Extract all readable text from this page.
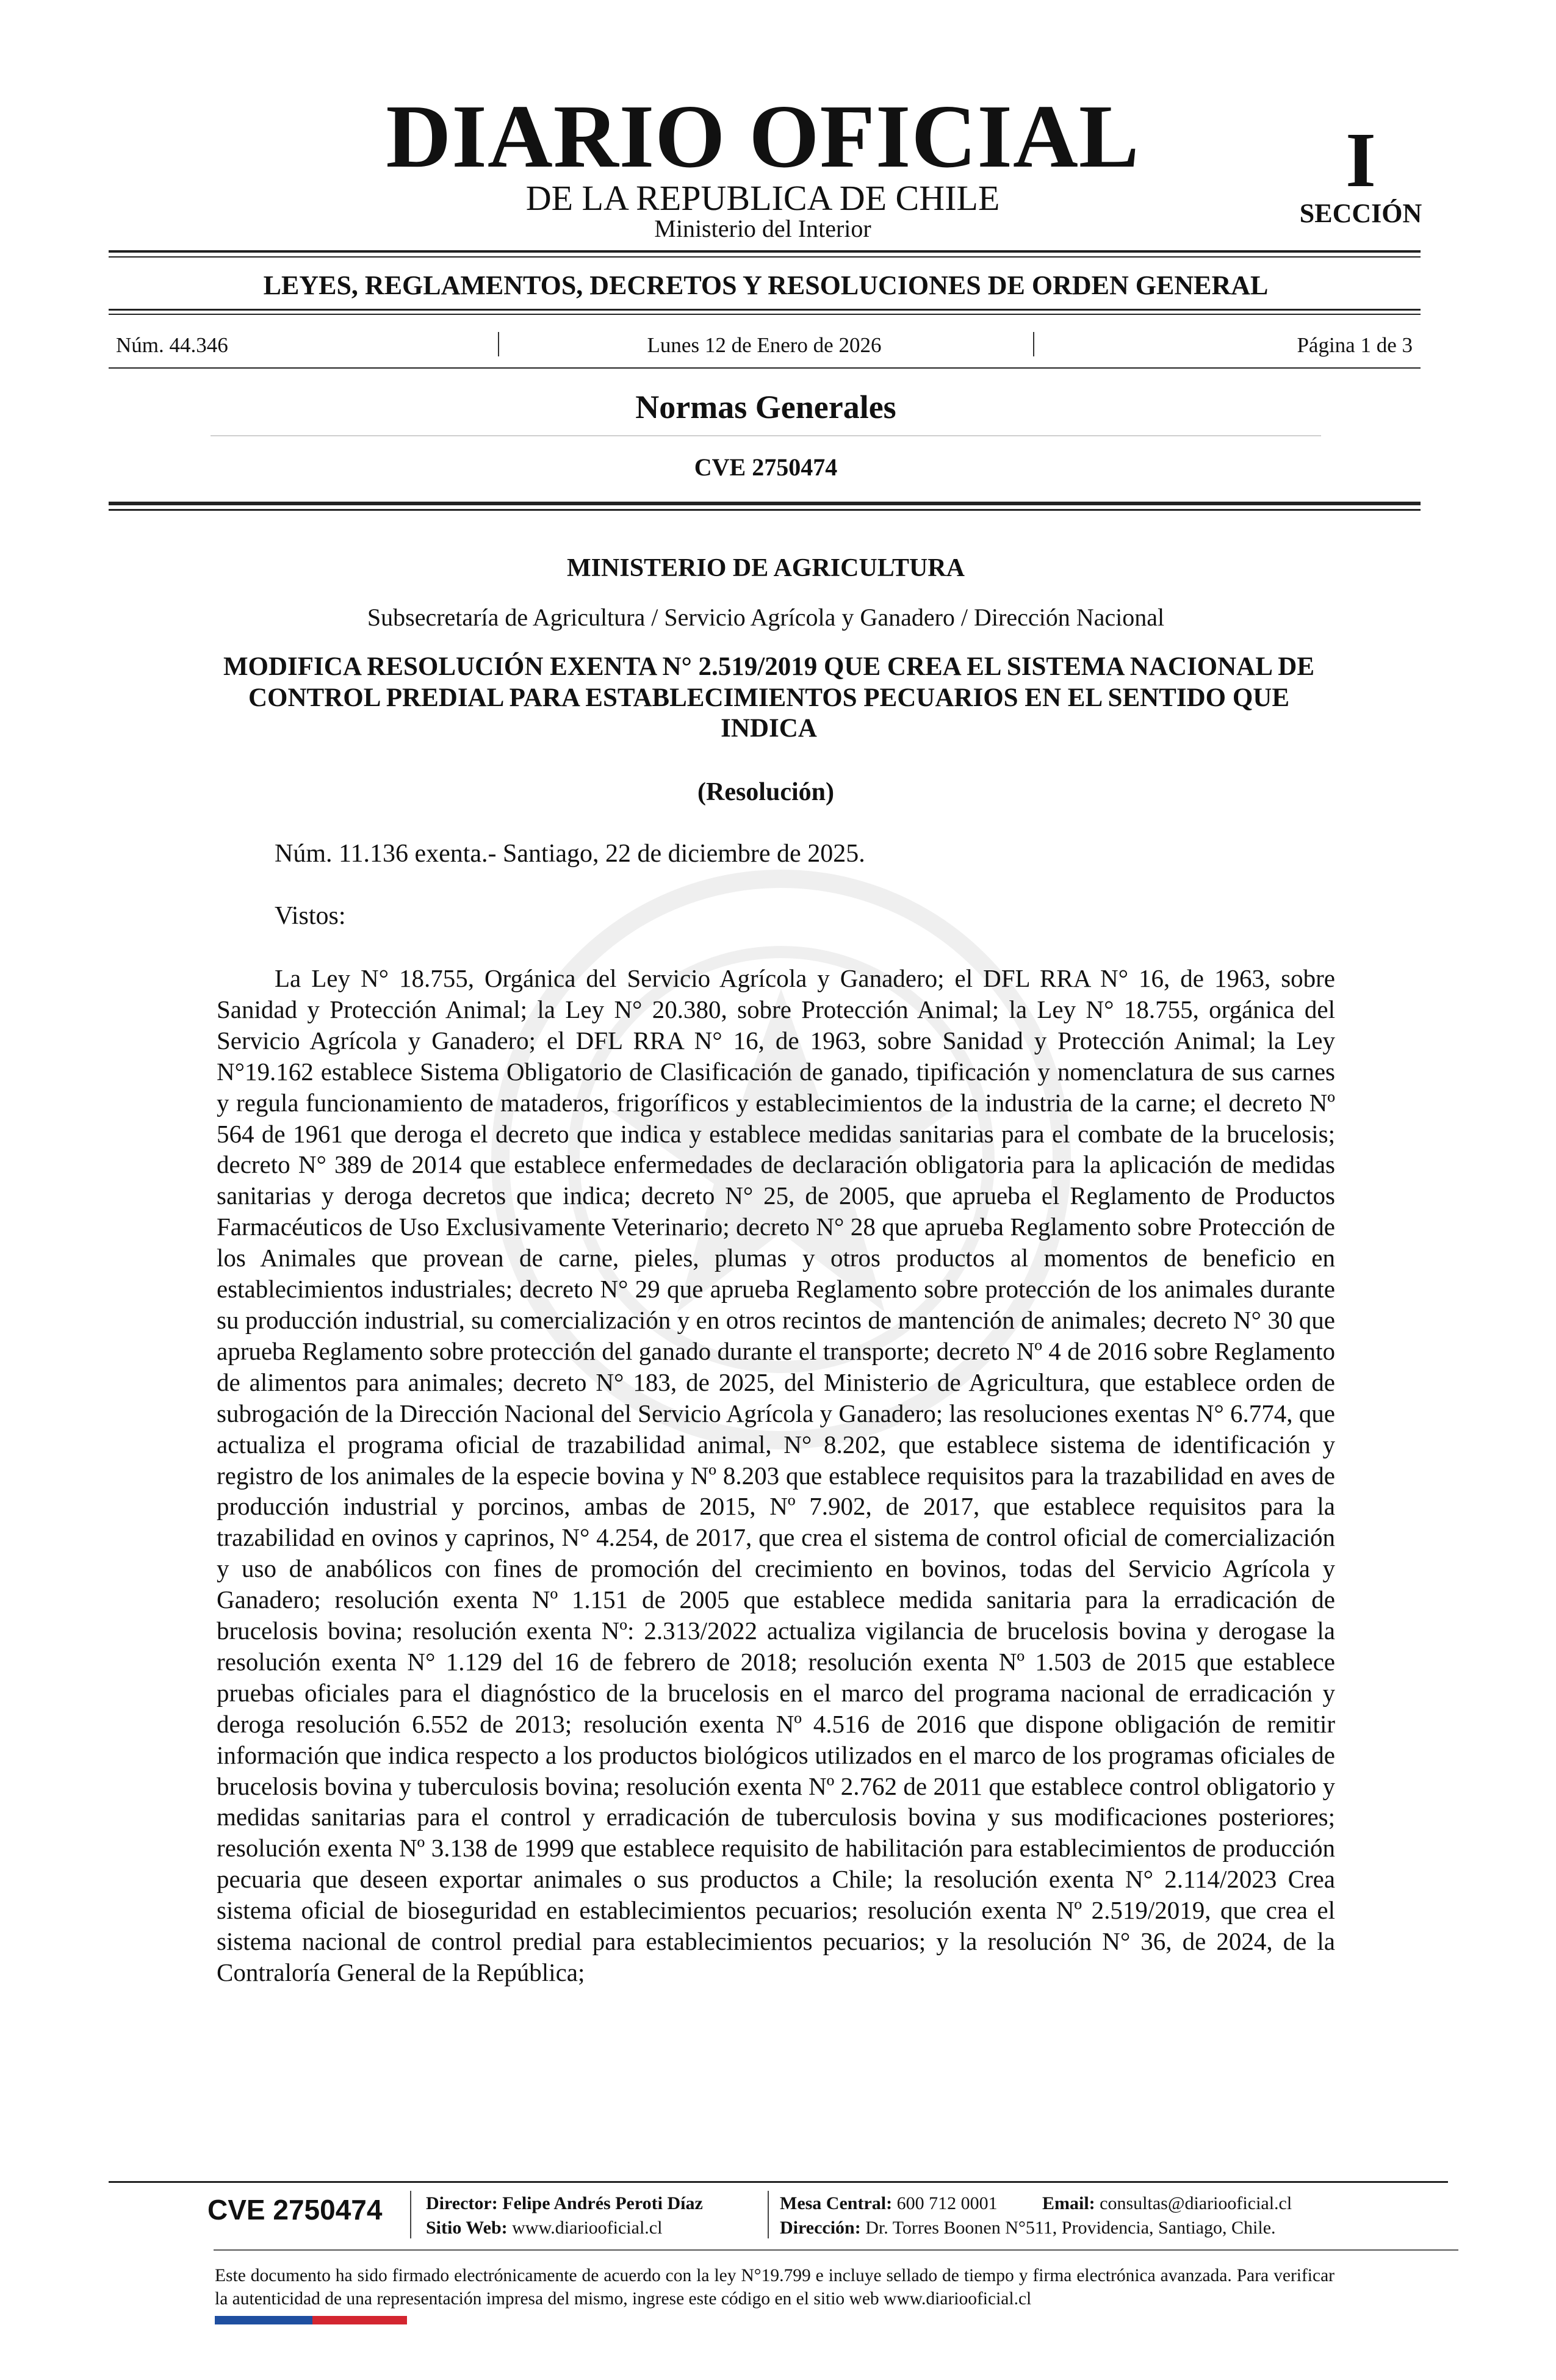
DIARIO OFICIAL
DE LA REPUBLICA DE CHILE
Ministerio del Interior
I
SECCIÓN
LEYES, REGLAMENTOS, DECRETOS Y RESOLUCIONES DE ORDEN GENERAL
Núm. 44.346	Lunes 12 de Enero de 2026	Página 1 de 3
Normas Generales
CVE 2750474
MINISTERIO DE AGRICULTURA
Subsecretaría de Agricultura / Servicio Agrícola y Ganadero / Dirección Nacional
MODIFICA RESOLUCIÓN EXENTA N° 2.519/2019 QUE CREA EL SISTEMA NACIONAL DE CONTROL PREDIAL PARA ESTABLECIMIENTOS PECUARIOS EN EL SENTIDO QUE INDICA
(Resolución)
Núm. 11.136 exenta.- Santiago, 22 de diciembre de 2025.
Vistos:
La Ley N° 18.755, Orgánica del Servicio Agrícola y Ganadero; el DFL RRA N° 16, de 1963, sobre Sanidad y Protección Animal; la Ley N° 20.380, sobre Protección Animal; la Ley N° 18.755, orgánica del Servicio Agrícola y Ganadero; el DFL RRA N° 16, de 1963, sobre Sanidad y Protección Animal; la Ley N°19.162 establece Sistema Obligatorio de Clasificación de ganado, tipificación y nomenclatura de sus carnes y regula funcionamiento de mataderos, frigoríficos y establecimientos de la industria de la carne; el decreto Nº 564 de 1961 que deroga el decreto que indica y establece medidas sanitarias para el combate de la brucelosis; decreto N° 389 de 2014 que establece enfermedades de declaración obligatoria para la aplicación de medidas sanitarias y deroga decretos que indica; decreto N° 25, de 2005, que aprueba el Reglamento de Productos Farmacéuticos de Uso Exclusivamente Veterinario; decreto N° 28 que aprueba Reglamento sobre Protección de los Animales que provean de carne, pieles, plumas y otros productos al momentos de beneficio en establecimientos industriales; decreto N° 29 que aprueba Reglamento sobre protección de los animales durante su producción industrial, su comercialización y en otros recintos de mantención de animales; decreto N° 30 que aprueba Reglamento sobre protección del ganado durante el transporte; decreto Nº 4 de 2016 sobre Reglamento de alimentos para animales; decreto N° 183, de 2025, del Ministerio de Agricultura, que establece orden de subrogación de la Dirección Nacional del Servicio Agrícola y Ganadero; las resoluciones exentas N° 6.774, que actualiza el programa oficial de trazabilidad animal, N° 8.202, que establece sistema de identificación y registro de los animales de la especie bovina y Nº 8.203 que establece requisitos para la trazabilidad en aves de producción industrial y porcinos, ambas de 2015, Nº 7.902, de 2017, que establece requisitos para la trazabilidad en ovinos y caprinos, N° 4.254, de 2017, que crea el sistema de control oficial de comercialización y uso de anabólicos con fines de promoción del crecimiento en bovinos, todas del Servicio Agrícola y Ganadero; resolución exenta Nº 1.151 de 2005 que establece medida sanitaria para la erradicación de brucelosis bovina; resolución exenta Nº: 2.313/2022 actualiza vigilancia de brucelosis bovina y derogase la resolución exenta N° 1.129 del 16 de febrero de 2018; resolución exenta Nº 1.503 de 2015 que establece pruebas oficiales para el diagnóstico de la brucelosis en el marco del programa nacional de erradicación y deroga resolución 6.552 de 2013; resolución exenta Nº 4.516 de 2016 que dispone obligación de remitir información que indica respecto a los productos biológicos utilizados en el marco de los programas oficiales de brucelosis bovina y tuberculosis bovina; resolución exenta Nº 2.762 de 2011 que establece control obligatorio y medidas sanitarias para el control y erradicación de tuberculosis bovina y sus modificaciones posteriores; resolución exenta Nº 3.138 de 1999 que establece requisito de habilitación para establecimientos de producción pecuaria que deseen exportar animales o sus productos a Chile; la resolución exenta N° 2.114/2023 Crea sistema oficial de bioseguridad en establecimientos pecuarios; resolución exenta Nº 2.519/2019, que crea el sistema nacional de control predial para establecimientos pecuarios; y la resolución N° 36, de 2024, de la Contraloría General de la República;
CVE 2750474 Director: Felipe Andrés Peroti Díaz
Sitio Web: www.diariooficial.cl
Mesa Central: 600 712 0001 Email: consultas@diariooficial.cl
Dirección: Dr. Torres Boonen N°511, Providencia, Santiago, Chile.
Este documento ha sido firmado electrónicamente de acuerdo con la ley N°19.799 e incluye sellado de tiempo y firma electrónica avanzada. Para verificar la autenticidad de una representación impresa del mismo, ingrese este código en el sitio web www.diariooficial.cl
